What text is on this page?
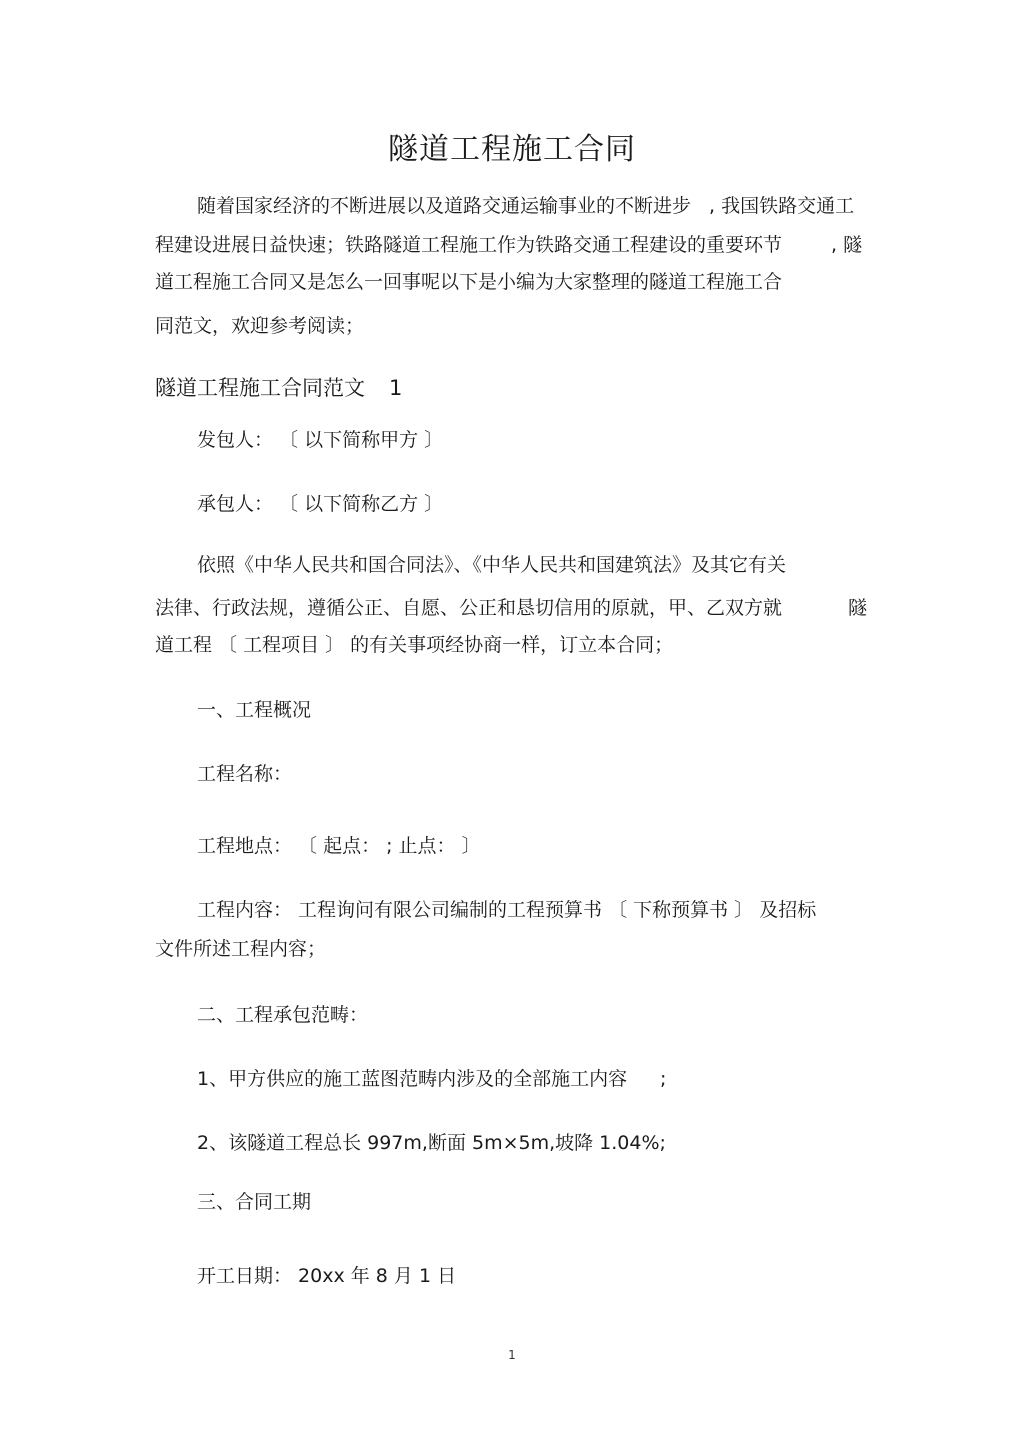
隧道工程施工合同
随着国家经济的不断进展以及道路交通运输事业的不断进步 , 我国铁路交通工
程建设进展日益快速；铁路隧道工程施工作为铁路交通工程建设的重要环节	, 隧
道工程施工合同又是怎么一回事呢以下是小编为大家整理的隧道工程施工合
同范文，欢迎参考阅读；
隧道工程施工合同范文 1
发包人： 〔 以下简称甲方 〕
承包人： 〔 以下简称乙方 〕
依照《中华人民共和国合同法》、《中华人民共和国建筑法》及其它有关
法律、行政法规，遵循公正、自愿、公正和恳切信用的原就，甲、乙双方就	隧
道工程 〔 工程项目 〕 的有关事项经协商一样，订立本合同；
一、工程概况
工程名称：
工程地点： 〔 起点： ; 止点： 〕
工程内容： 工程询问有限公司编制的工程预算书 〔 下称预算书 〕 及招标
文件所述工程内容；
二、工程承包范畴：
1、甲方供应的施工蓝图范畴内涉及的全部施工内容 ;
2、该隧道工程总长 997m,断面 5m×5m,坡降 1.04%;
三、合同工期
开工日期： 20xx 年 8 月 1 日
1
